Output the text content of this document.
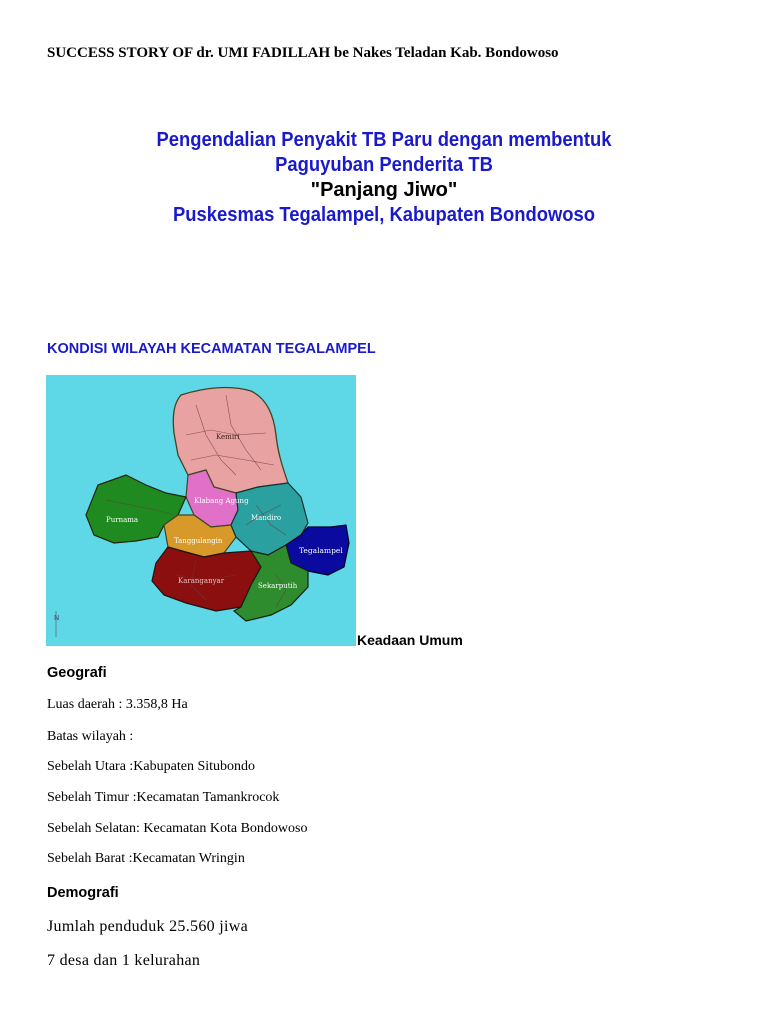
SUCCESS STORY OF dr. UMI FADILLAH be Nakes Teladan Kab. Bondowoso
Pengendalian Penyakit TB Paru dengan membentuk
Paguyuban Penderita TB
"Panjang Jiwo"
Puskesmas Tegalampel, Kabupaten Bondowoso
KONDISI WILAYAH KECAMATAN TEGALAMPEL
N
Kemiri
Purnama
Klabang Agung
Mandiro
Tanggulangin
Tegalampel
Karanganyar
Sekarputih
Keadaan Umum
Geografi
Luas daerah : 3.358,8 Ha
Batas wilayah :
Sebelah Utara :Kabupaten Situbondo
Sebelah Timur :Kecamatan Tamankrocok
Sebelah Selatan: Kecamatan Kota Bondowoso
Sebelah Barat :Kecamatan Wringin
Demografi
Jumlah penduduk 25.560 jiwa
7 desa dan 1 kelurahan
